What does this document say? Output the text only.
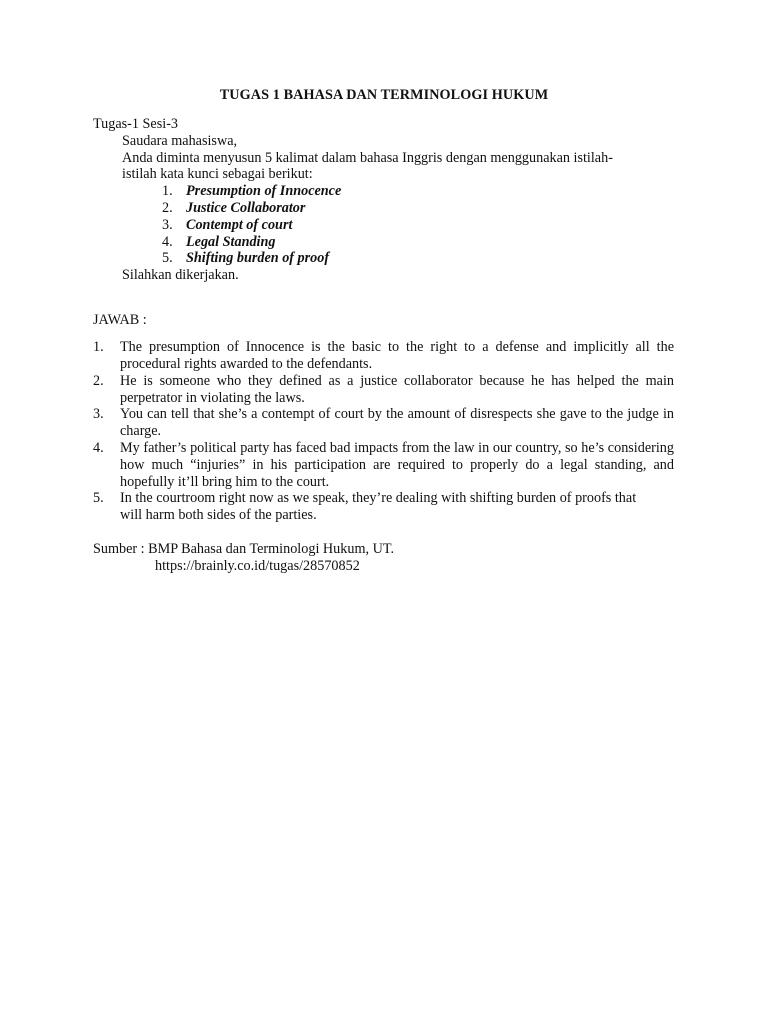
TUGAS 1 BAHASA DAN TERMINOLOGI HUKUM
Tugas-1 Sesi-3
Saudara mahasiswa,
Anda diminta menyusun 5 kalimat dalam bahasa Inggris dengan menggunakan istilah-
istilah kata kunci sebagai berikut:
1. Presumption of Innocence
2. Justice Collaborator
3. Contempt of court
4. Legal Standing
5. Shifting burden of proof
Silahkan dikerjakan.
JAWAB :
1. The presumption of Innocence is the basic to the right to a defense and implicitly all the procedural rights awarded to the defendants.
2. He is someone who they defined as a justice collaborator because he has helped the main perpetrator in violating the laws.
3. You can tell that she’s a contempt of court by the amount of disrespects she gave to the judge in charge.
4. My father’s political party has faced bad impacts from the law in our country, so he’s considering how much “injuries” in his participation are required to properly do a legal standing, and hopefully it’ll bring him to the court.
5. In the courtroom right now as we speak, they’re dealing with shifting burden of proofs that will harm both sides of the parties.
Sumber : BMP Bahasa dan Terminologi Hukum, UT.
https://brainly.co.id/tugas/28570852
